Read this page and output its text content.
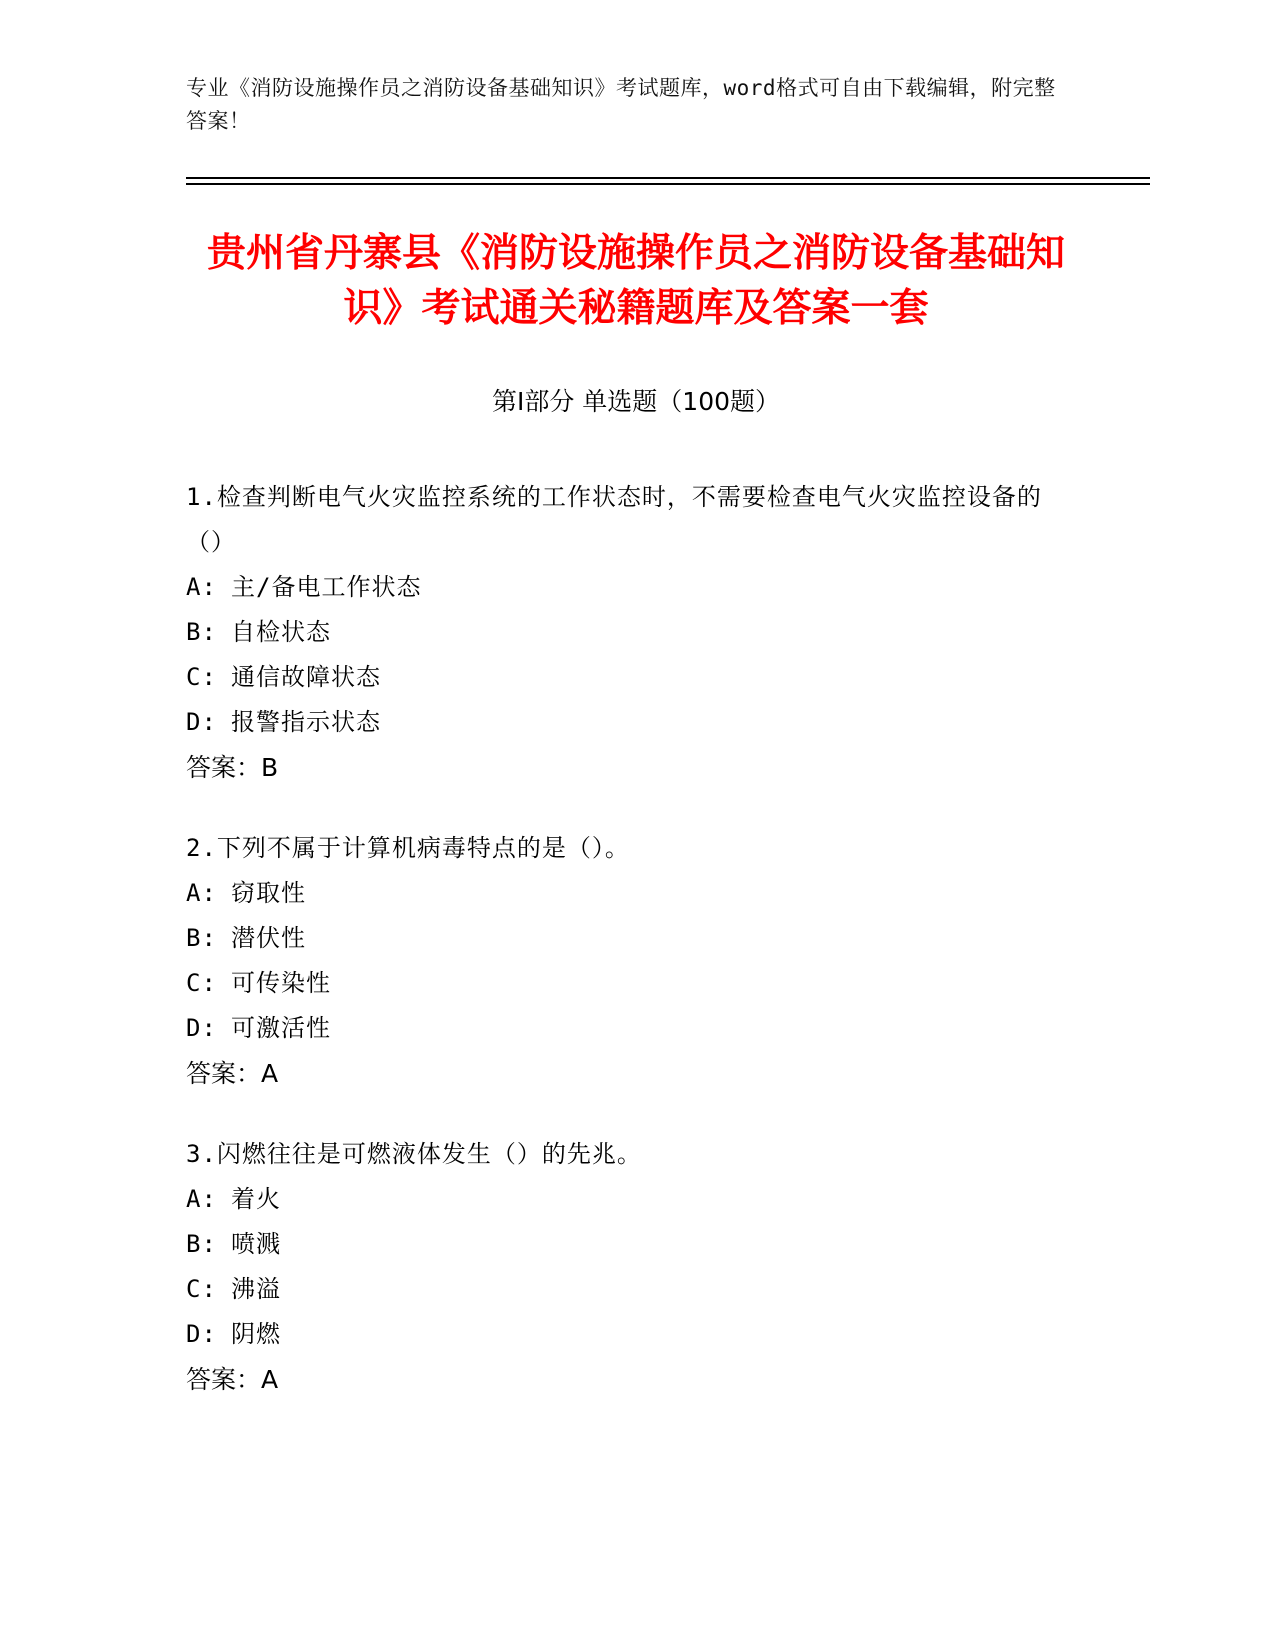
专业《消防设施操作员之消防设备基础知识》考试题库，word格式可自由下载编辑，附完整答案！
贵州省丹寨县《消防设施操作员之消防设备基础知识》考试通关秘籍题库及答案一套
第Ⅰ部分 单选题（100题）

1.检查判断电气火灾监控系统的工作状态时，不需要检查电气火灾监控设备的（）

A: 主/备电工作状态

B: 自检状态

C: 通信故障状态

D: 报警指示状态

答案：B

2.下列不属于计算机病毒特点的是（）。

A: 窃取性

B: 潜伏性

C: 可传染性

D: 可激活性

答案：A

3.闪燃往往是可燃液体发生（）的先兆。

A: 着火

B: 喷溅

C: 沸溢

D: 阴燃

答案：A
